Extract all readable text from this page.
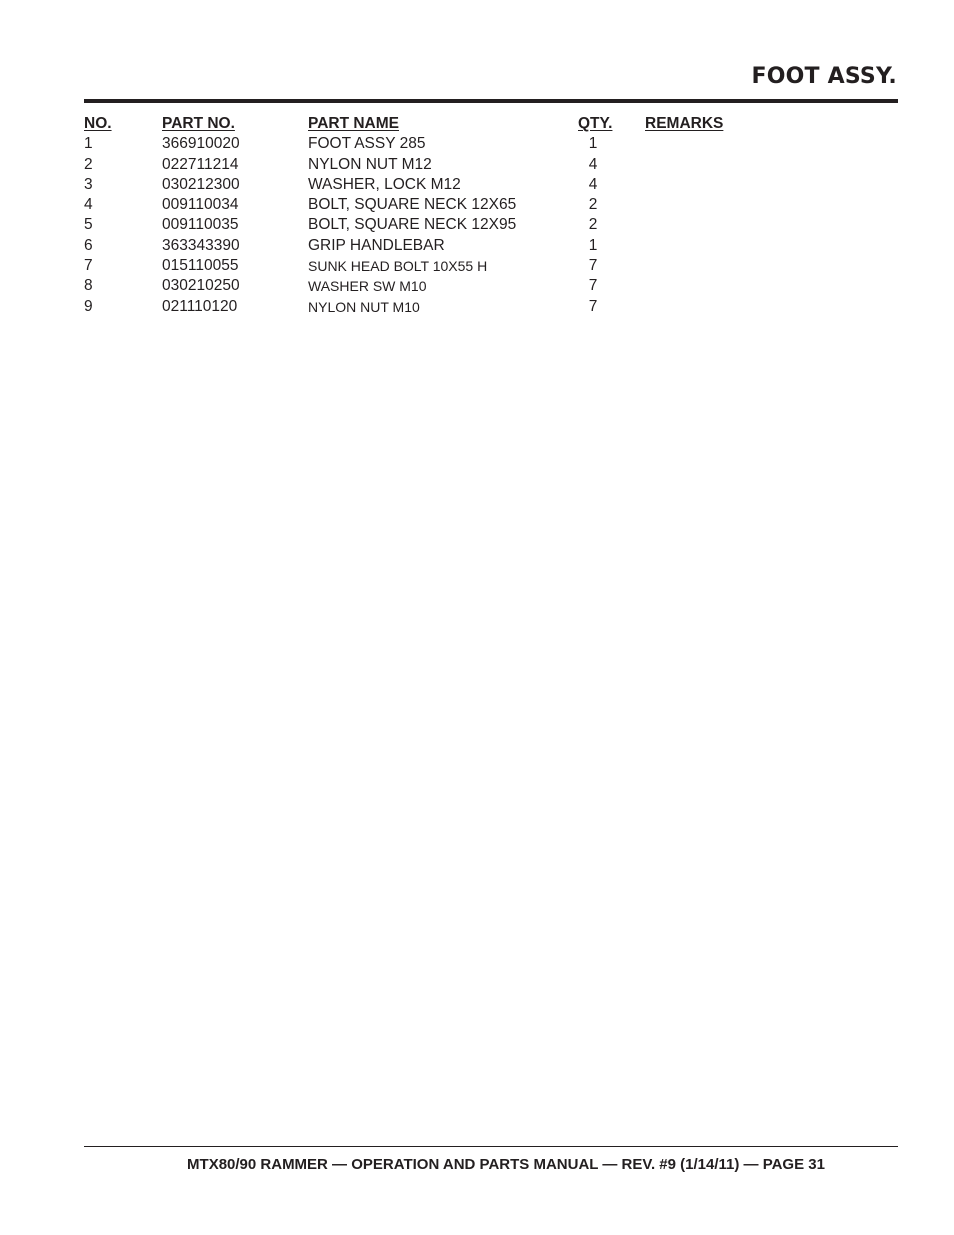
FOOT ASSY.
NO.	PART NO.	PART NAME	QTY. REMARKS
1	366910020	FOOT ASSY 285	1
2	022711214	NYLON NUT M12	4
3	030212300	WASHER, LOCK M12	4
4	009110034	BOLT, SQUARE NECK 12X65	2
5	009110035	BOLT, SQUARE NECK 12X95	2
6	363343390	GRIP HANDLEBAR	1
7	015110055	SUNK HEAD BOLT 10X55 H	7
8	030210250	WASHER SW M10	7
9	021110120	NYLON NUT M10	7
MTX80/90 RAMMER — OPERATION AND PARTS MANUAL — REV. #9 (1/14/11) — PAGE 31
